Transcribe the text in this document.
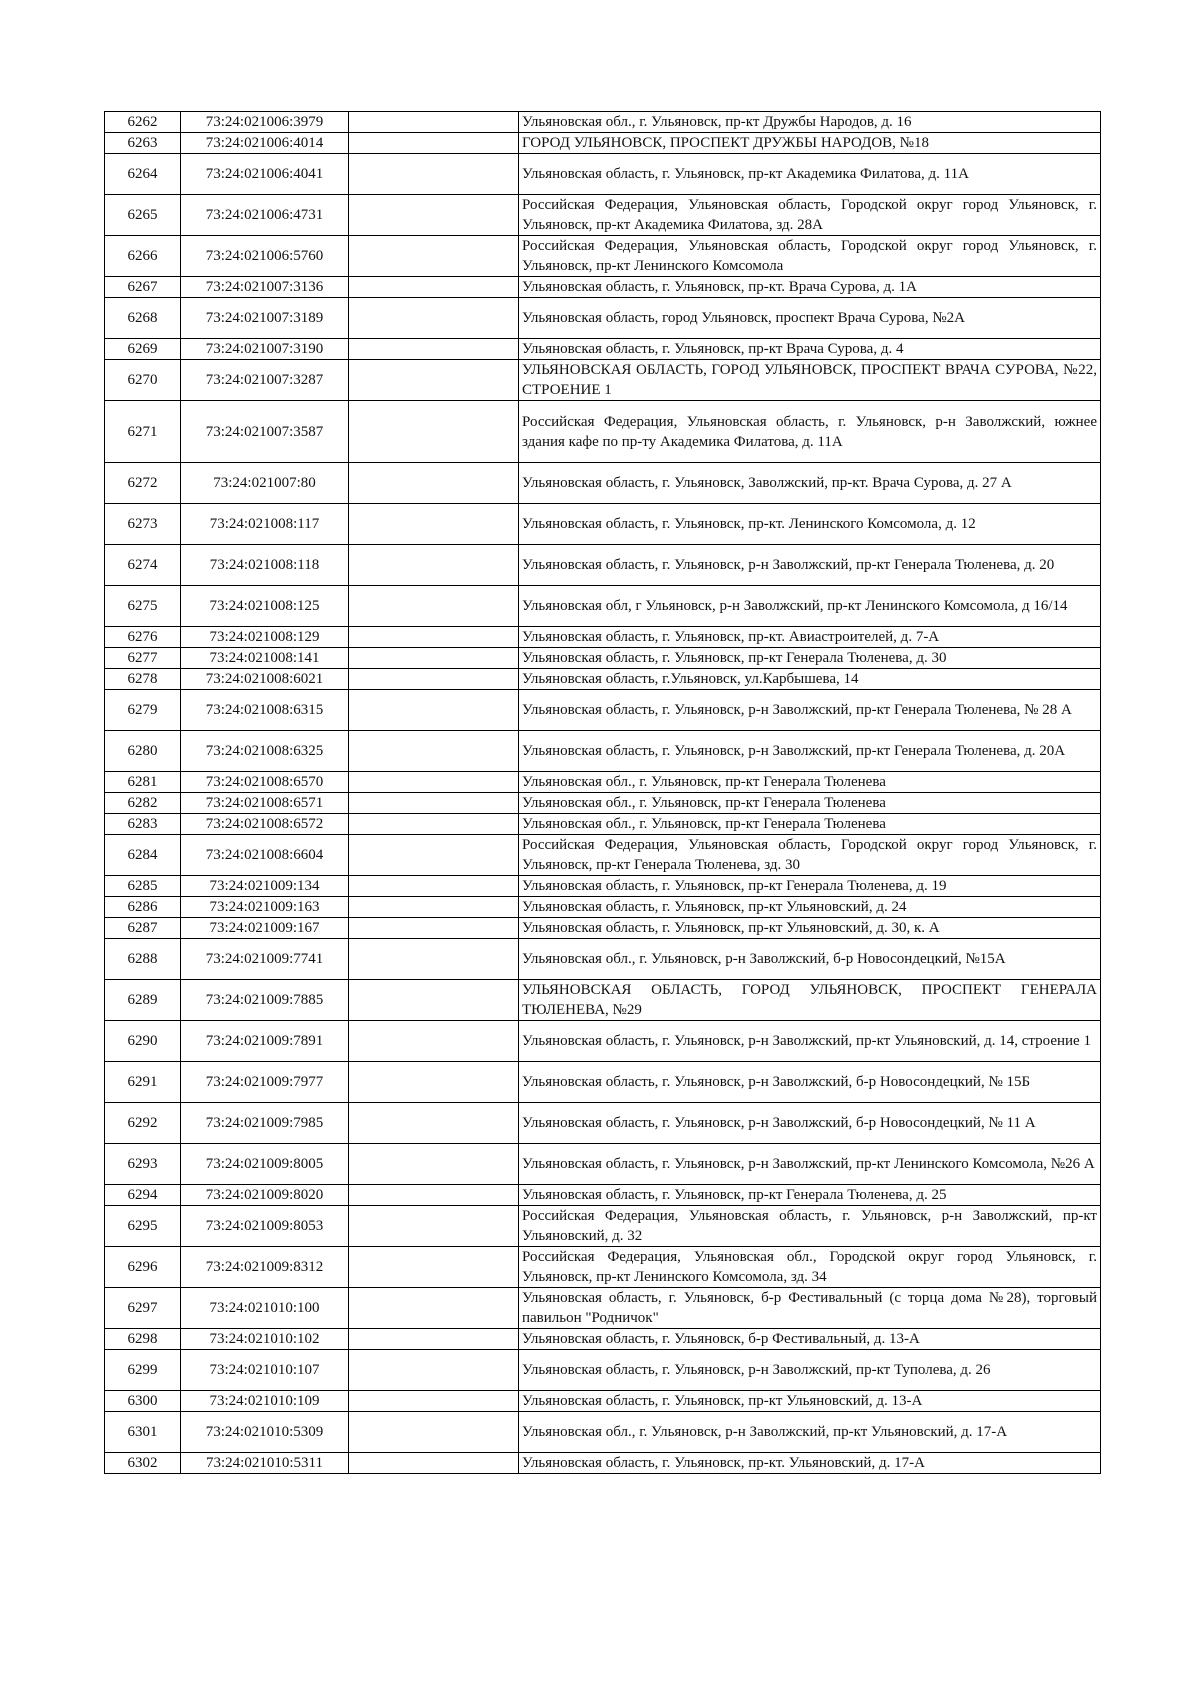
6262	73:24:021006:3979		Ульяновская обл., г. Ульяновск, пр-кт Дружбы Народов, д. 16
6263	73:24:021006:4014		ГОРОД УЛЬЯНОВСК, ПРОСПЕКТ ДРУЖБЫ НАРОДОВ, №18
6264	73:24:021006:4041		Ульяновская область, г. Ульяновск, пр-кт Академика Филатова, д. 11А
6265	73:24:021006:4731		Российская Федерация, Ульяновская область, Городской округ город Ульяновск, г. Ульяновск, пр-кт Академика Филатова, зд. 28А
6266	73:24:021006:5760		Российская Федерация, Ульяновская область, Городской округ город Ульяновск, г. Ульяновск, пр-кт Ленинского Комсомола
6267	73:24:021007:3136		Ульяновская область, г. Ульяновск, пр-кт. Врача Сурова, д. 1А
6268	73:24:021007:3189		Ульяновская область, город Ульяновск, проспект Врача Сурова, №2А
6269	73:24:021007:3190		Ульяновская область, г. Ульяновск, пр-кт Врача Сурова, д. 4
6270	73:24:021007:3287		УЛЬЯНОВСКАЯ ОБЛАСТЬ, ГОРОД УЛЬЯНОВСК, ПРОСПЕКТ ВРАЧА СУРОВА, №22, СТРОЕНИЕ 1
6271	73:24:021007:3587		Российская Федерация, Ульяновская область, г. Ульяновск, р-н Заволжский, южнее здания кафе по пр-ту Академика Филатова, д. 11А
6272	73:24:021007:80		Ульяновская область, г. Ульяновск, Заволжский, пр-кт. Врача Сурова, д. 27 А
6273	73:24:021008:117		Ульяновская область, г. Ульяновск, пр-кт. Ленинского Комсомола, д. 12
6274	73:24:021008:118		Ульяновская область, г. Ульяновск, р-н Заволжский, пр-кт Генерала Тюленева, д. 20
6275	73:24:021008:125		Ульяновская обл, г Ульяновск, р-н Заволжский, пр-кт Ленинского Комсомола, д 16/14
6276	73:24:021008:129		Ульяновская область, г. Ульяновск, пр-кт. Авиастроителей, д. 7-А
6277	73:24:021008:141		Ульяновская область, г. Ульяновск, пр-кт Генерала Тюленева, д. 30
6278	73:24:021008:6021		Ульяновская область, г.Ульяновск, ул.Карбышева, 14
6279	73:24:021008:6315		Ульяновская область, г. Ульяновск, р-н Заволжский, пр-кт Генерала Тюленева, № 28 А
6280	73:24:021008:6325		Ульяновская область, г. Ульяновск, р-н Заволжский, пр-кт Генерала Тюленева, д. 20А
6281	73:24:021008:6570		Ульяновская обл., г. Ульяновск, пр-кт Генерала Тюленева
6282	73:24:021008:6571		Ульяновская обл., г. Ульяновск, пр-кт Генерала Тюленева
6283	73:24:021008:6572		Ульяновская обл., г. Ульяновск, пр-кт Генерала Тюленева
6284	73:24:021008:6604		Российская Федерация, Ульяновская область, Городской округ город Ульяновск, г. Ульяновск, пр-кт Генерала Тюленева, зд. 30
6285	73:24:021009:134		Ульяновская область, г. Ульяновск, пр-кт Генерала Тюленева, д. 19
6286	73:24:021009:163		Ульяновская область, г. Ульяновск, пр-кт Ульяновский, д. 24
6287	73:24:021009:167		Ульяновская область, г. Ульяновск, пр-кт Ульяновский, д. 30, к. А
6288	73:24:021009:7741		Ульяновская обл., г. Ульяновск, р-н Заволжский, б-р Новосондецкий, №15А
6289	73:24:021009:7885		УЛЬЯНОВСКАЯ ОБЛАСТЬ, ГОРОД УЛЬЯНОВСК, ПРОСПЕКТ ГЕНЕРАЛА ТЮЛЕНЕВА, №29
6290	73:24:021009:7891		Ульяновская область, г. Ульяновск, р-н Заволжский, пр-кт Ульяновский, д. 14, строение 1
6291	73:24:021009:7977		Ульяновская область, г. Ульяновск, р-н Заволжский, б-р Новосондецкий, № 15Б
6292	73:24:021009:7985		Ульяновская область, г. Ульяновск, р-н Заволжский, б-р Новосондецкий, № 11 А
6293	73:24:021009:8005		Ульяновская область, г. Ульяновск, р-н Заволжский, пр-кт Ленинского Комсомола, №26 А
6294	73:24:021009:8020		Ульяновская область, г. Ульяновск, пр-кт Генерала Тюленева, д. 25
6295	73:24:021009:8053		Российская Федерация, Ульяновская область, г. Ульяновск, р-н Заволжский, пр-кт Ульяновский, д. 32
6296	73:24:021009:8312		Российская Федерация, Ульяновская обл., Городской округ город Ульяновск, г. Ульяновск, пр-кт Ленинского Комсомола, зд. 34
6297	73:24:021010:100		Ульяновская область, г. Ульяновск, б-р Фестивальный (с торца дома №28), торговый павильон "Родничок"
6298	73:24:021010:102		Ульяновская область, г. Ульяновск, б-р Фестивальный, д. 13-А
6299	73:24:021010:107		Ульяновская область, г. Ульяновск, р-н Заволжский, пр-кт Туполева, д. 26
6300	73:24:021010:109		Ульяновская область, г. Ульяновск, пр-кт Ульяновский, д. 13-А
6301	73:24:021010:5309		Ульяновская обл., г. Ульяновск, р-н Заволжский, пр-кт Ульяновский, д. 17-А
6302	73:24:021010:5311		Ульяновская область, г. Ульяновск, пр-кт. Ульяновский, д. 17-А
